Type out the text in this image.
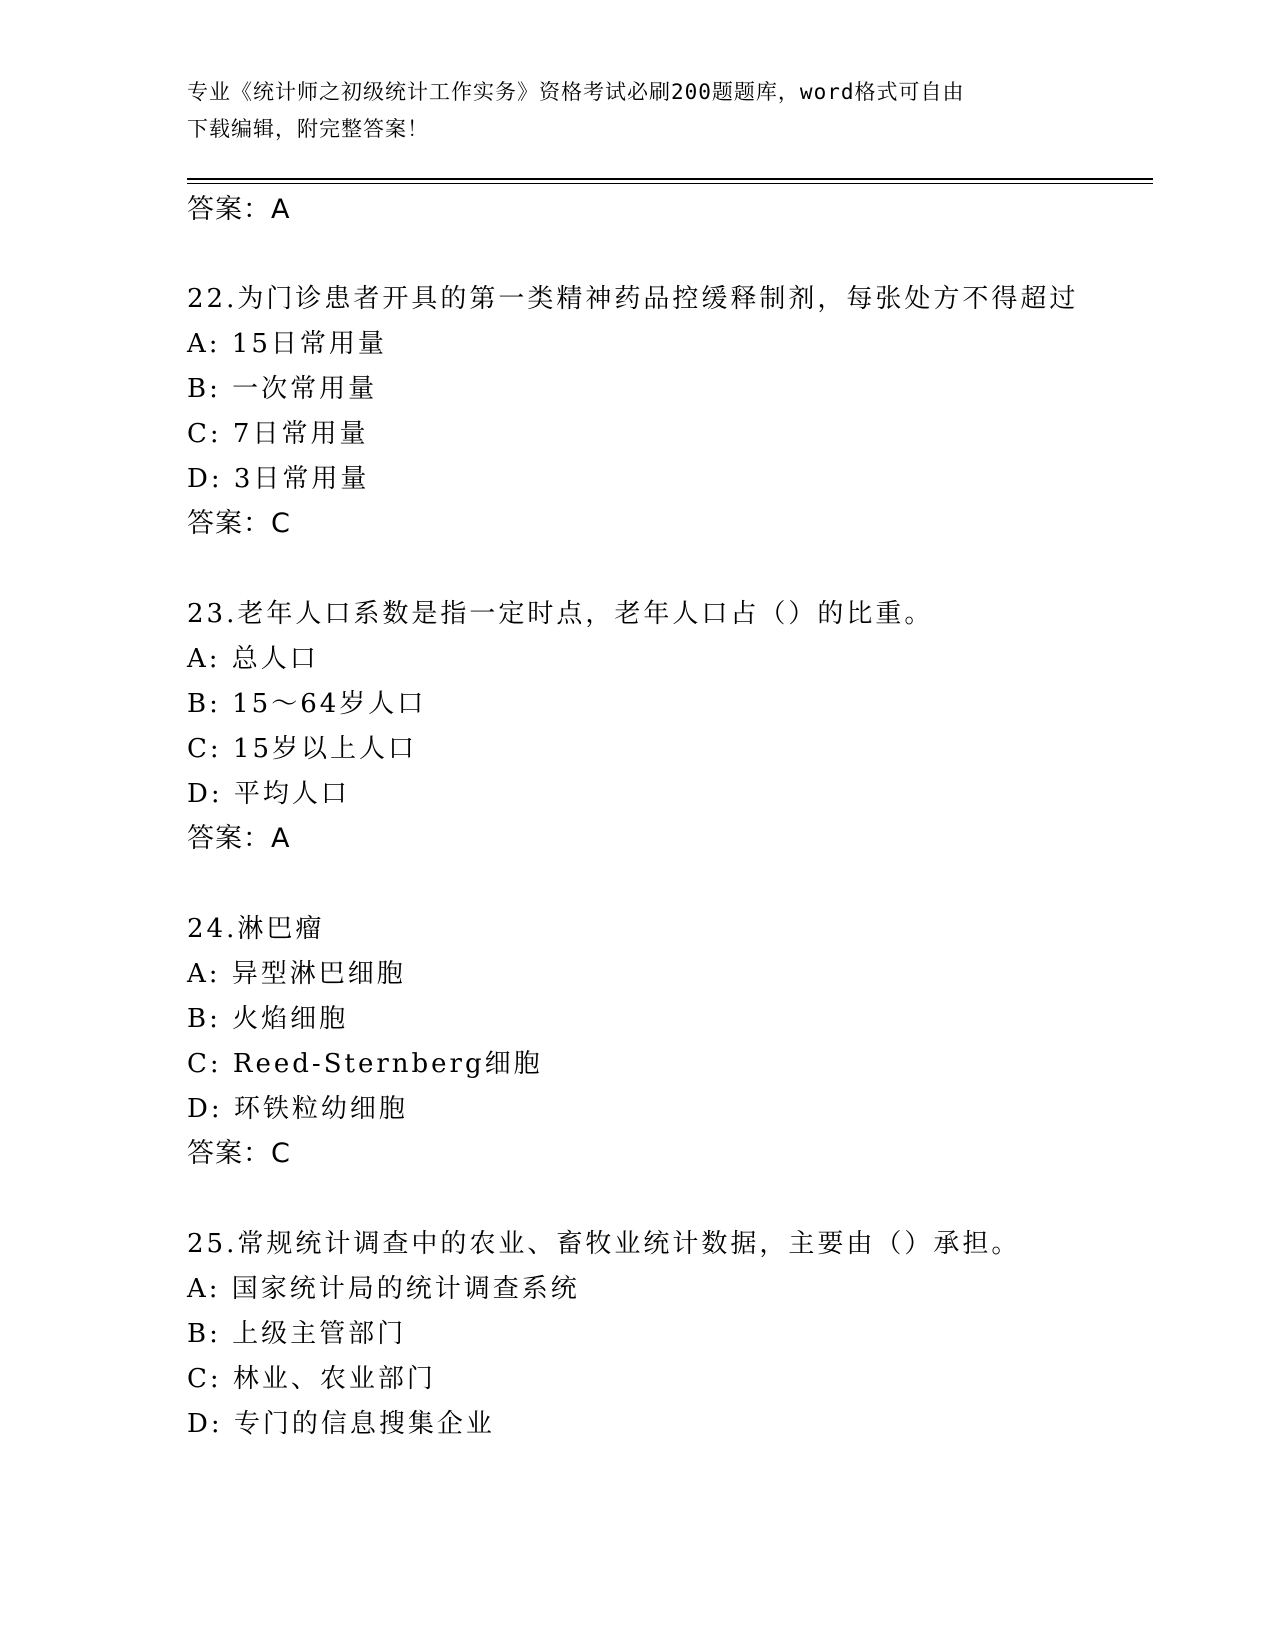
专业《统计师之初级统计工作实务》资格考试必刷200题题库，word格式可自由
下载编辑，附完整答案！
答案：A
22.为门诊患者开具的第一类精神药品控缓释制剂，每张处方不得超过
A: 15日常用量
B: 一次常用量
C: 7日常用量
D: 3日常用量
答案：C
23.老年人口系数是指一定时点，老年人口占（）的比重。
A: 总人口
B: 15～64岁人口
C: 15岁以上人口
D: 平均人口
答案：A
24.淋巴瘤
A: 异型淋巴细胞
B: 火焰细胞
C: Reed-Sternberg细胞
D: 环铁粒幼细胞
答案：C
25.常规统计调查中的农业、畜牧业统计数据，主要由（）承担。
A: 国家统计局的统计调查系统
B: 上级主管部门
C: 林业、农业部门
D: 专门的信息搜集企业
